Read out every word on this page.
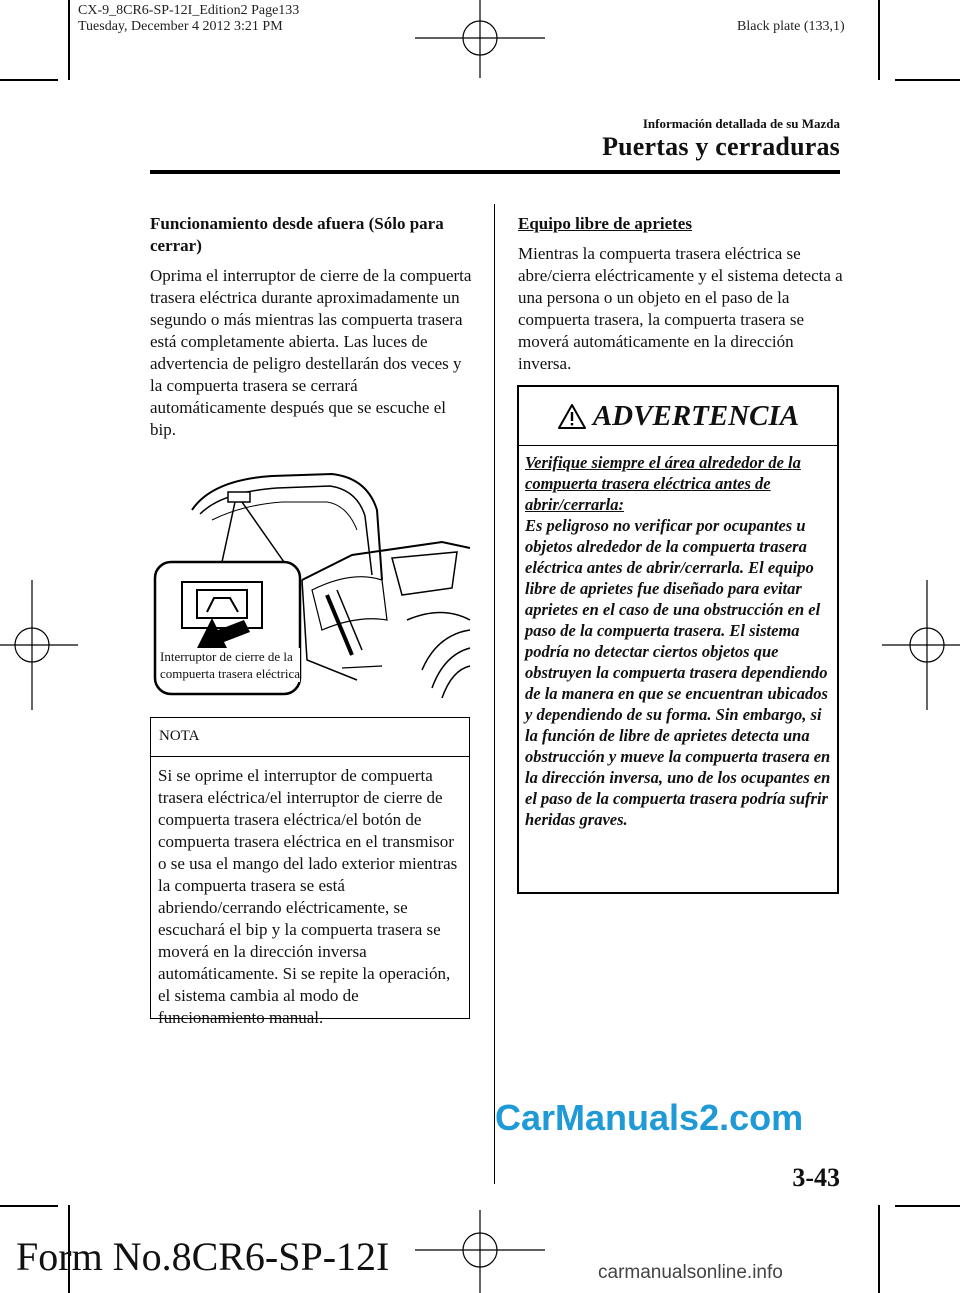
CX-9_8CR6-SP-12I_Edition2 Page133
Tuesday, December 4 2012 3:21 PM	Black plate (133,1)
Información detallada de su Mazda
Puertas y cerraduras

Funcionamiento desde afuera (Sólo para cerrar)

Oprima el interruptor de cierre de la compuerta trasera eléctrica durante aproximadamente un segundo o más mientras las compuerta trasera está completamente abierta. Las luces de advertencia de peligro destellarán dos veces y la compuerta trasera se cerrará automáticamente después que se escuche el bip.

Interruptor de cierre de la
compuerta trasera eléctrica
NOTA
Si se oprime el interruptor de compuerta trasera eléctrica/el interruptor de cierre de compuerta trasera eléctrica/el botón de compuerta trasera eléctrica en el transmisor o se usa el mango del lado exterior mientras la compuerta trasera se está abriendo/cerrando eléctricamente, se escuchará el bip y la compuerta trasera se moverá en la dirección inversa automáticamente. Si se repite la operación, el sistema cambia al modo de funcionamiento manual.

Equipo libre de aprietes

Mientras la compuerta trasera eléctrica se abre/cierra eléctricamente y el sistema detecta a una persona o un objeto en el paso de la compuerta trasera, la compuerta trasera se moverá automáticamente en la dirección inversa.

ADVERTENCIA
Verifique siempre el área alrededor de la compuerta trasera eléctrica antes de abrir/cerrarla:
Es peligroso no verificar por ocupantes u objetos alrededor de la compuerta trasera eléctrica antes de abrir/cerrarla. El equipo libre de aprietes fue diseñado para evitar aprietes en el caso de una obstrucción en el paso de la compuerta trasera. El sistema podría no detectar ciertos objetos que obstruyen la compuerta trasera dependiendo de la manera en que se encuentran ubicados y dependiendo de su forma. Sin embargo, si la función de libre de aprietes detecta una obstrucción y mueve la compuerta trasera en la dirección inversa, uno de los ocupantes en el paso de la compuerta trasera podría sufrir heridas graves.
CarManuals2.com
3-43
Form No.8CR6-SP-12I	carmanualsonline.info
